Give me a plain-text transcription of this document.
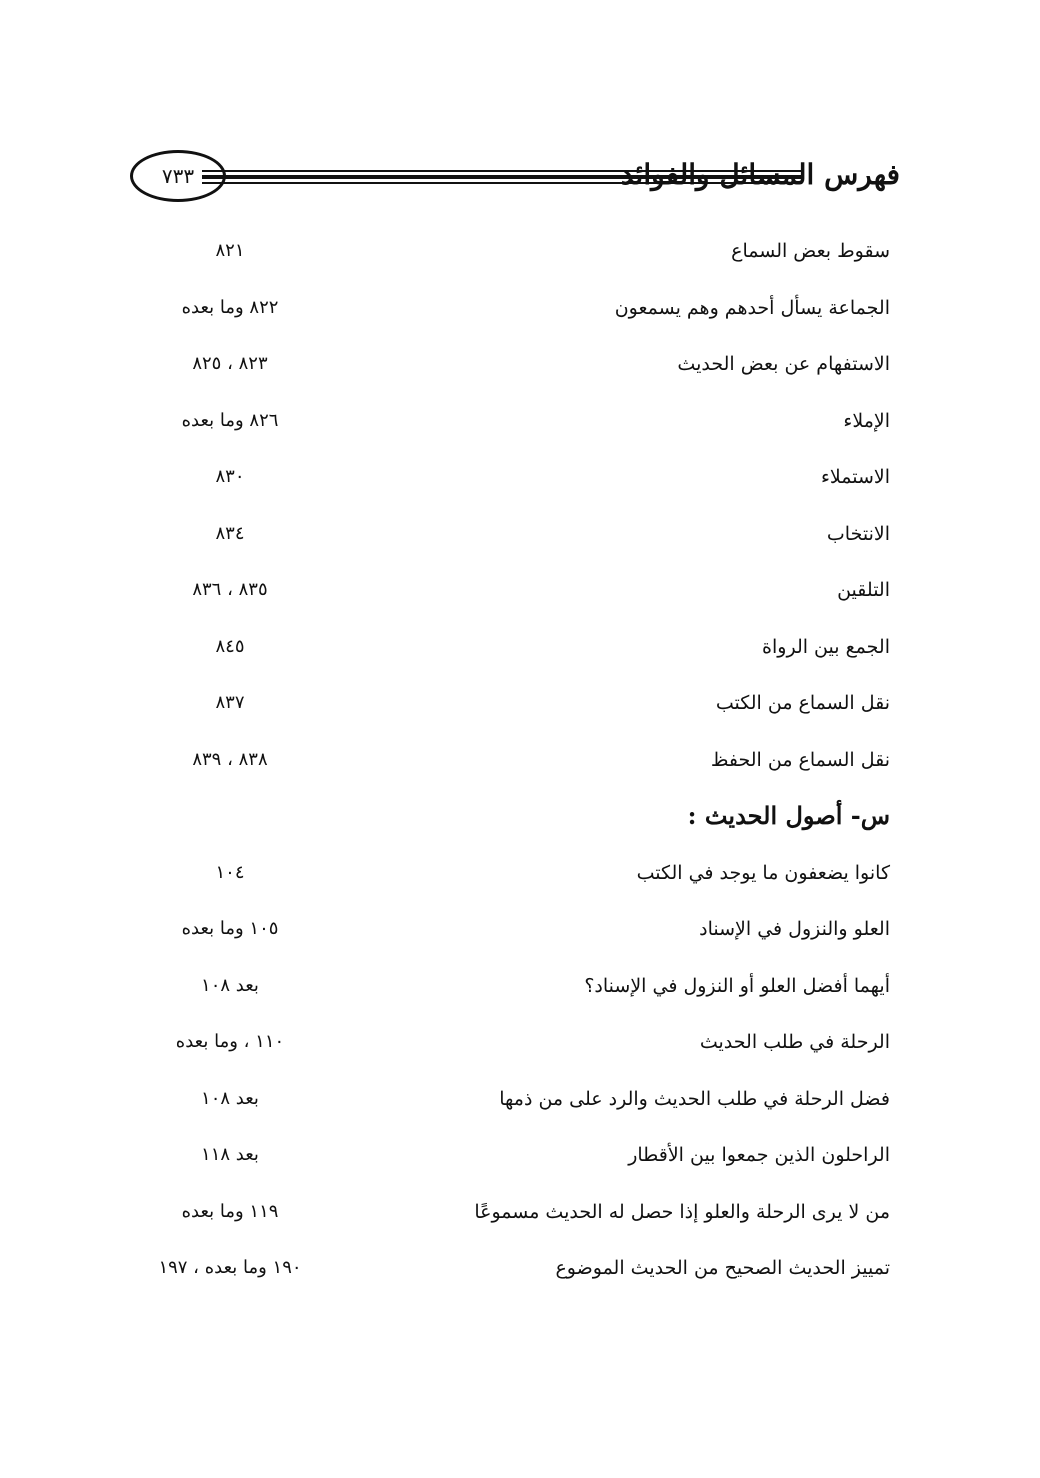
٧٣٣	فهرس المسائل والفوائد
سقوط بعض السماع
٨٢١
الجماعة يسأل أحدهم وهم يسمعون
٨٢٢ وما بعده
الاستفهام عن بعض الحديث
٨٢٣ ، ٨٢٥
الإملاء
٨٢٦ وما بعده
الاستملاء
٨٣٠
الانتخاب
٨٣٤
التلقين
٨٣٥ ، ٨٣٦
الجمع بين الرواة
٨٤٥
نقل السماع من الكتب
٨٣٧
نقل السماع من الحفظ
٨٣٨ ، ٨٣٩
س- أصول الحديث :
كانوا يضعفون ما يوجد في الكتب
١٠٤
العلو والنزول في الإسناد
١٠٥ وما بعده
أيهما أفضل العلو أو النزول في الإسناد؟
بعد ١٠٨
الرحلة في طلب الحديث
١١٠ ، وما بعده
فضل الرحلة في طلب الحديث والرد على من ذمها
بعد ١٠٨
الراحلون الذين جمعوا بين الأقطار
بعد ١١٨
من لا يرى الرحلة والعلو إذا حصل له الحديث مسموعًا
١١٩ وما بعده
تمييز الحديث الصحيح من الحديث الموضوع
١٩٠ وما بعده ، ١٩٧
